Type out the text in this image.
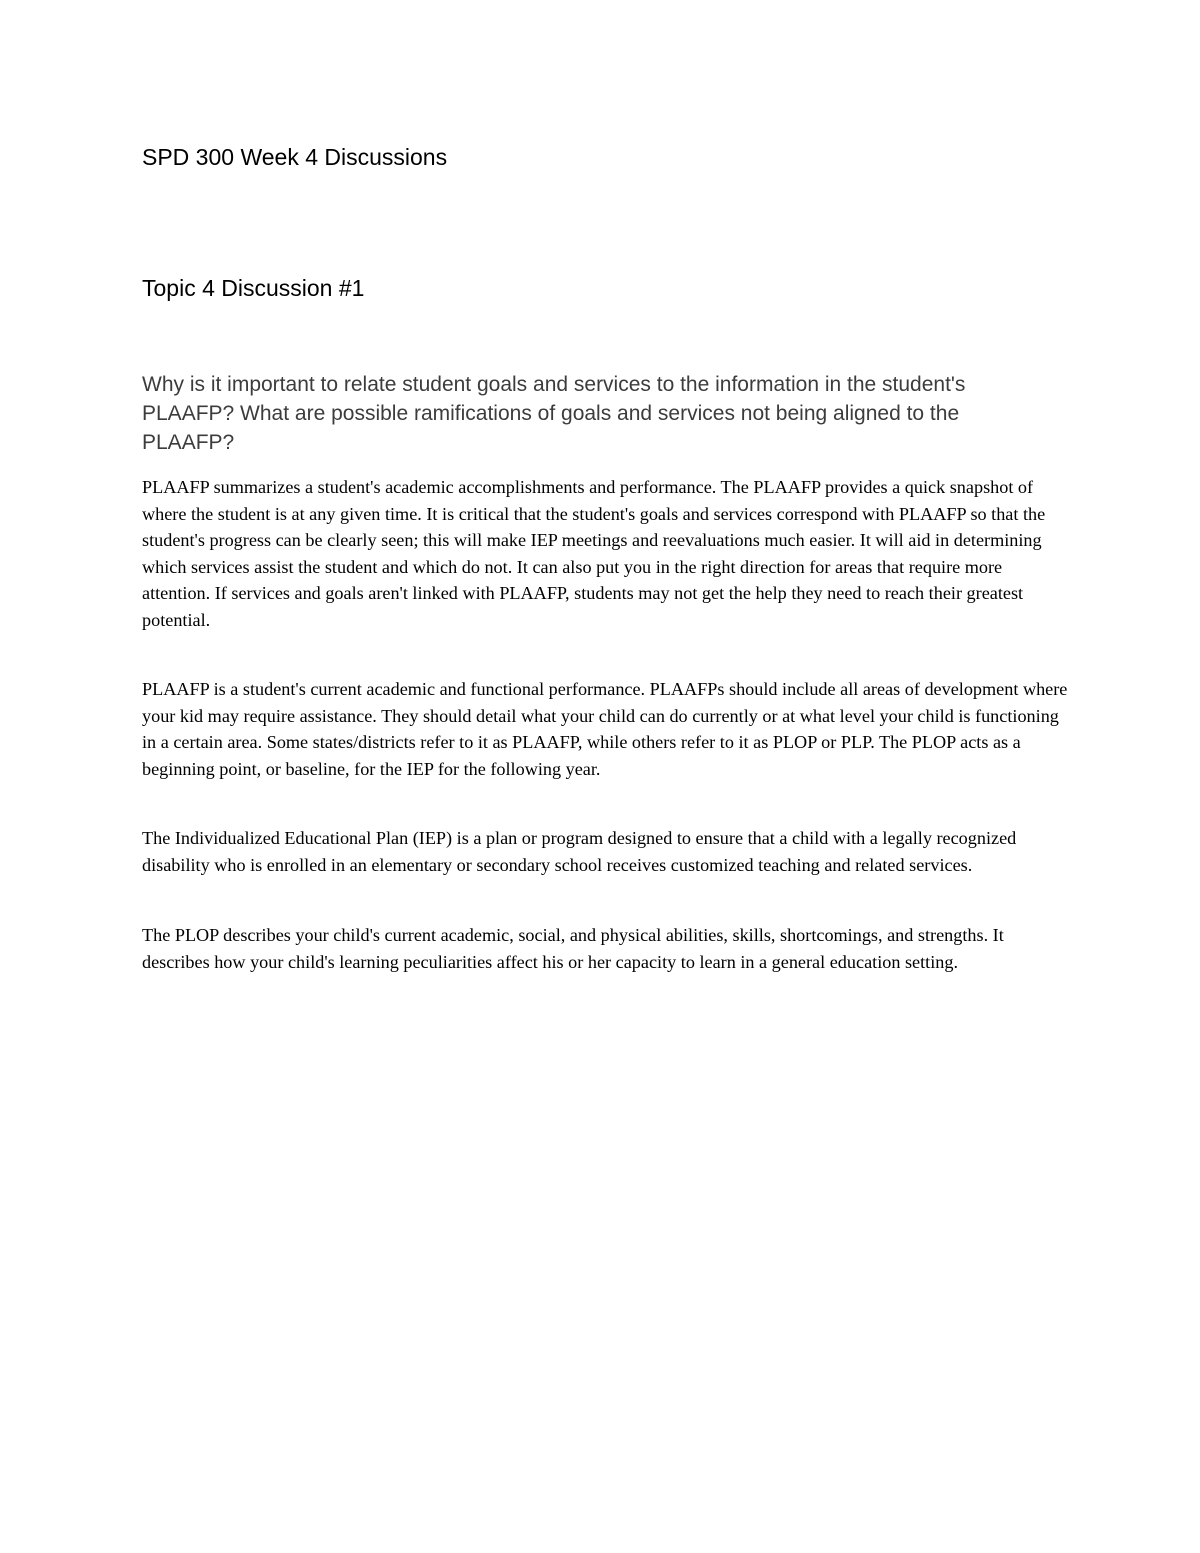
SPD 300 Week 4 Discussions
Topic 4 Discussion #1

Why is it important to relate student goals and services to the information in the student's PLAAFP? What are possible ramifications of goals and services not being aligned to the PLAAFP?

PLAAFP summarizes a student's academic accomplishments and performance. The PLAAFP provides a quick snapshot of where the student is at any given time. It is critical that the student's goals and services correspond with PLAAFP so that the student's progress can be clearly seen; this will make IEP meetings and reevaluations much easier. It will aid in determining which services assist the student and which do not. It can also put you in the right direction for areas that require more attention. If services and goals aren't linked with PLAAFP, students may not get the help they need to reach their greatest potential.

PLAAFP is a student's current academic and functional performance. PLAAFPs should include all areas of development where your kid may require assistance. They should detail what your child can do currently or at what level your child is functioning in a certain area. Some states/districts refer to it as PLAAFP, while others refer to it as PLOP or PLP. The PLOP acts as a beginning point, or baseline, for the IEP for the following year.

The Individualized Educational Plan (IEP) is a plan or program designed to ensure that a child with a legally recognized disability who is enrolled in an elementary or secondary school receives customized teaching and related services.

The PLOP describes your child's current academic, social, and physical abilities, skills, shortcomings, and strengths. It describes how your child's learning peculiarities affect his or her capacity to learn in a general education setting.
